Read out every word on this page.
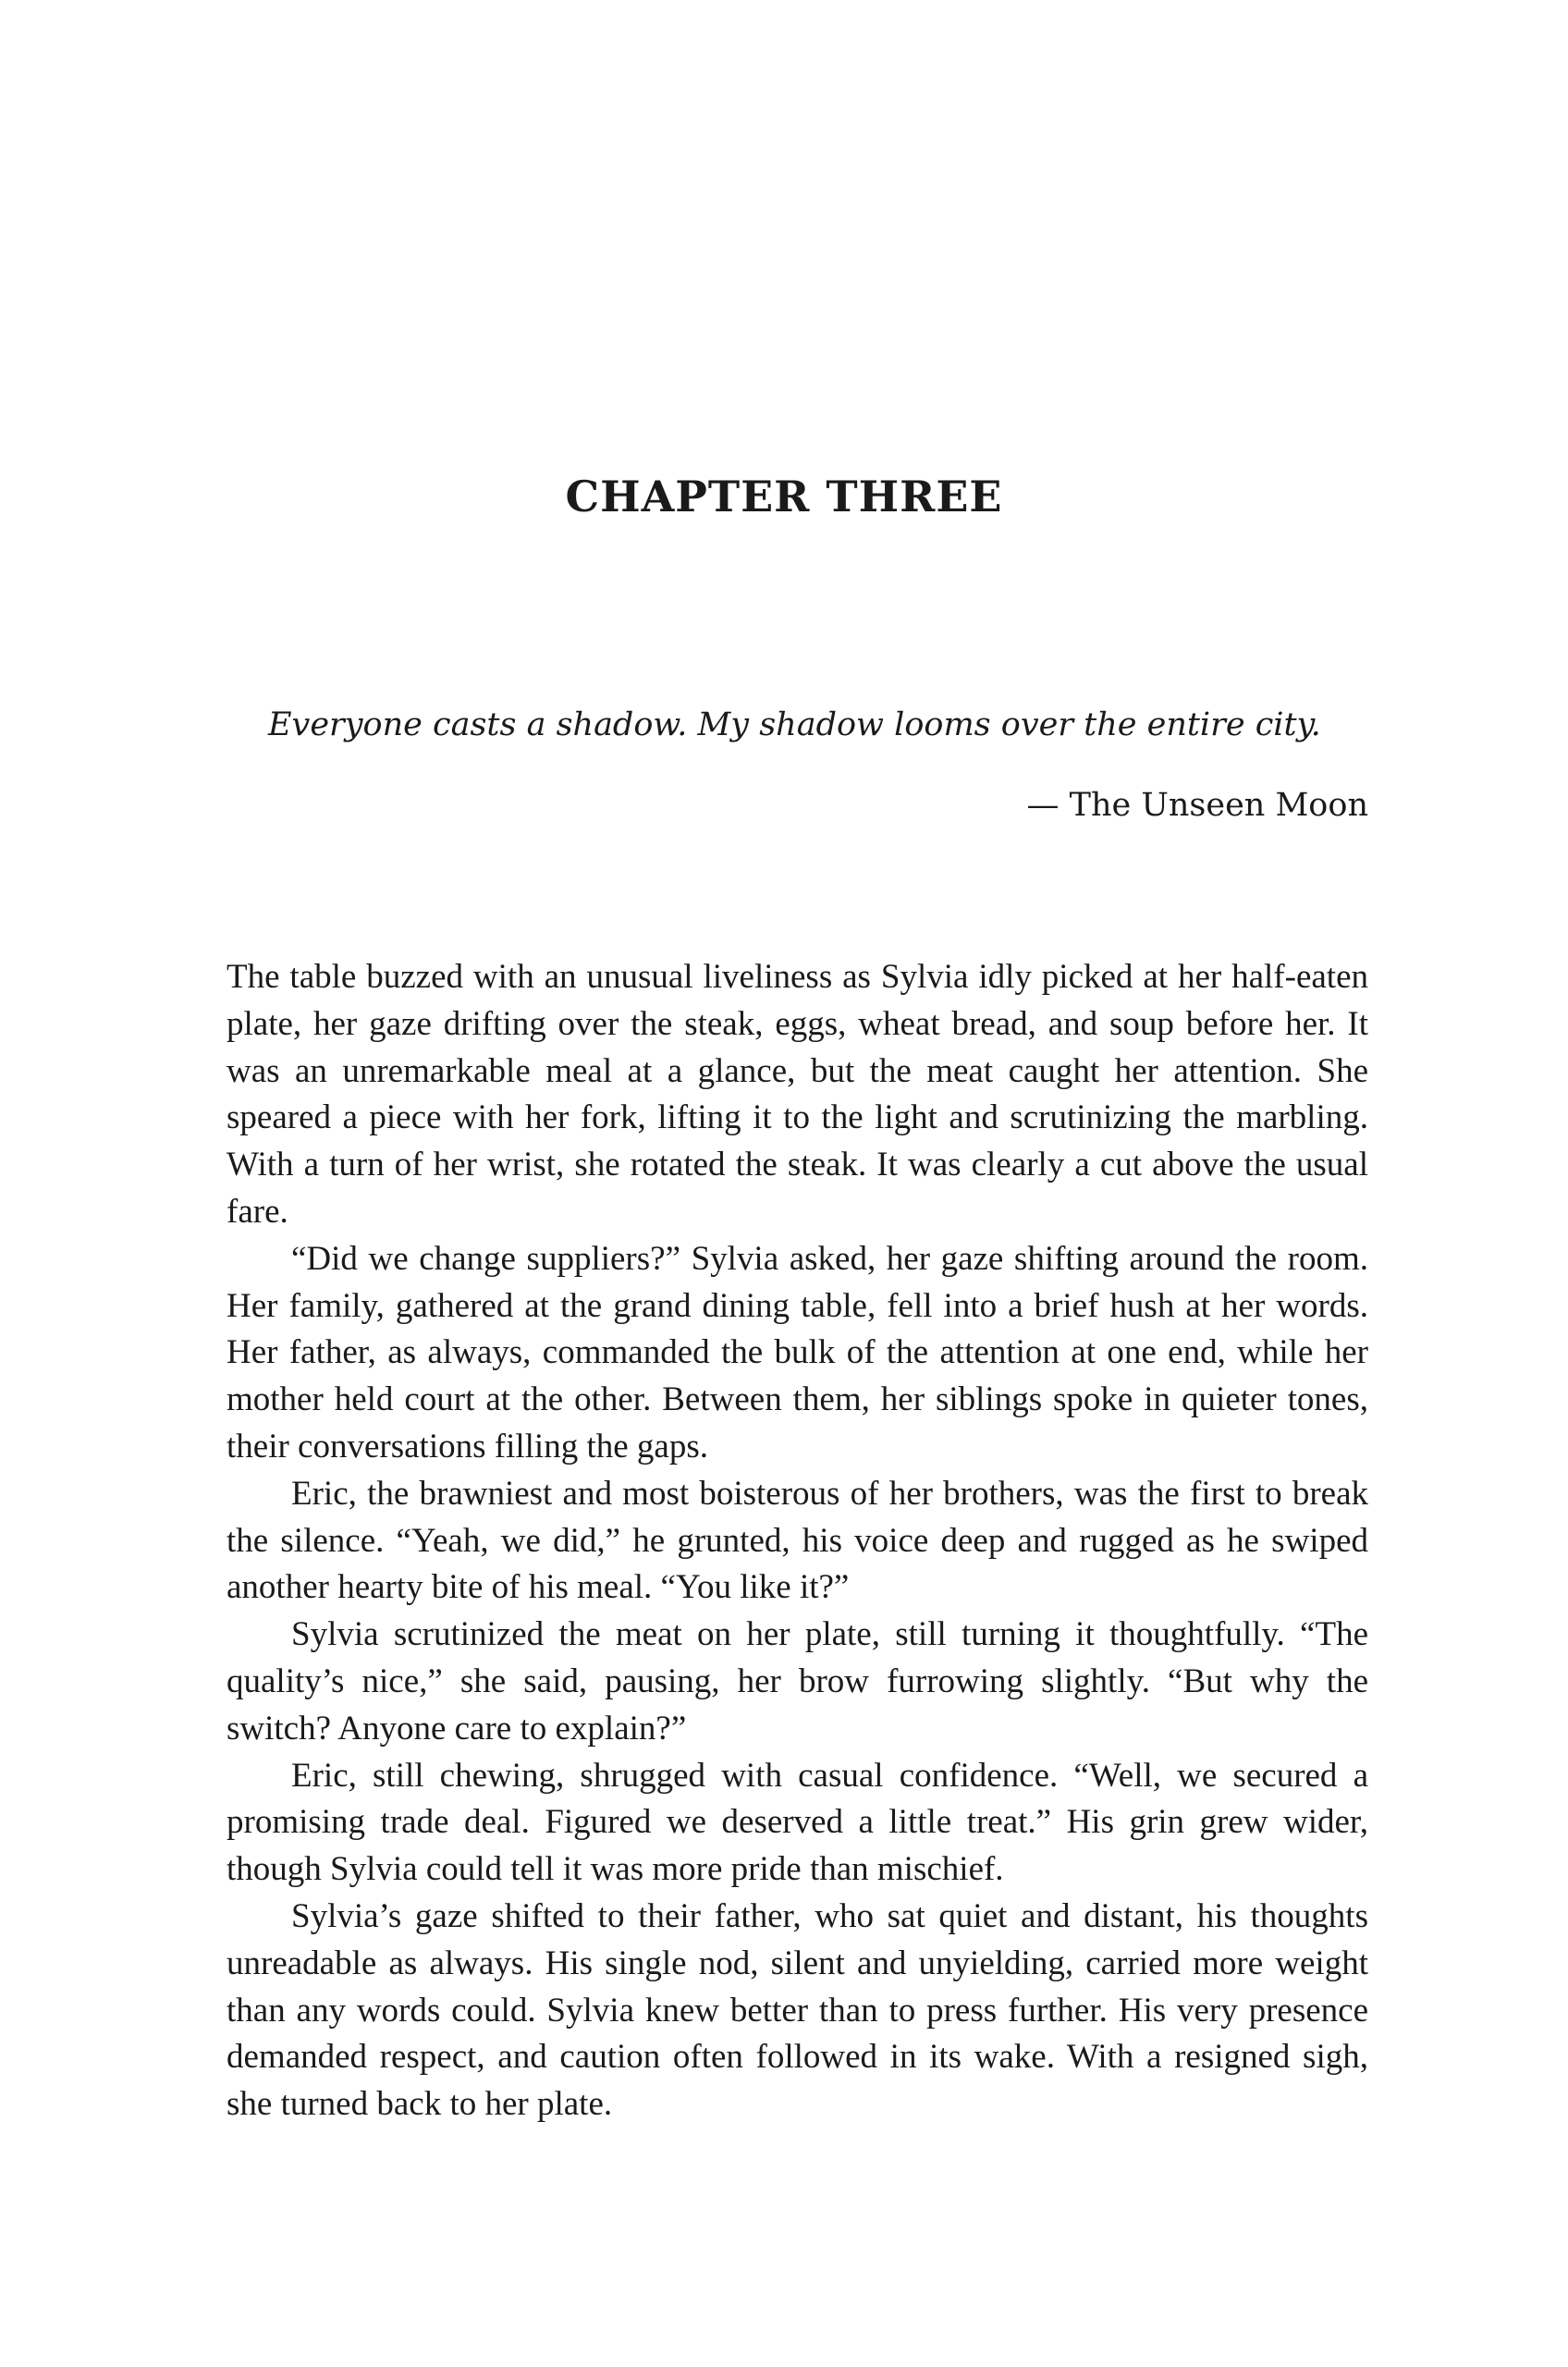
CHAPTER THREE

Everyone casts a shadow. My shadow looms over the entire city.

— The Unseen Moon

The table buzzed with an unusual liveliness as Sylvia idly picked at her half-eaten plate, her gaze drifting over the steak, eggs, wheat bread, and soup before her. It was an unremarkable meal at a glance, but the meat caught her attention. She speared a piece with her fork, lifting it to the light and scrutinizing the marbling. With a turn of her wrist, she rotated the steak. It was clearly a cut above the usual fare.

“Did we change suppliers?” Sylvia asked, her gaze shifting around the room. Her family, gathered at the grand dining table, fell into a brief hush at her words. Her father, as always, commanded the bulk of the attention at one end, while her mother held court at the other. Between them, her siblings spoke in quieter tones, their conversations filling the gaps.

Eric, the brawniest and most boisterous of her brothers, was the first to break the silence. “Yeah, we did,” he grunted, his voice deep and rugged as he swiped another hearty bite of his meal. “You like it?”

Sylvia scrutinized the meat on her plate, still turning it thoughtfully. “The quality’s nice,” she said, pausing, her brow furrowing slightly. “But why the switch? Anyone care to explain?”

Eric, still chewing, shrugged with casual confidence. “Well, we secured a promising trade deal. Figured we deserved a little treat.” His grin grew wider, though Sylvia could tell it was more pride than mischief.

Sylvia’s gaze shifted to their father, who sat quiet and distant, his thoughts unreadable as always. His single nod, silent and unyielding, carried more weight than any words could. Sylvia knew better than to press further. His very presence demanded respect, and caution often followed in its wake. With a resigned sigh, she turned back to her plate.
